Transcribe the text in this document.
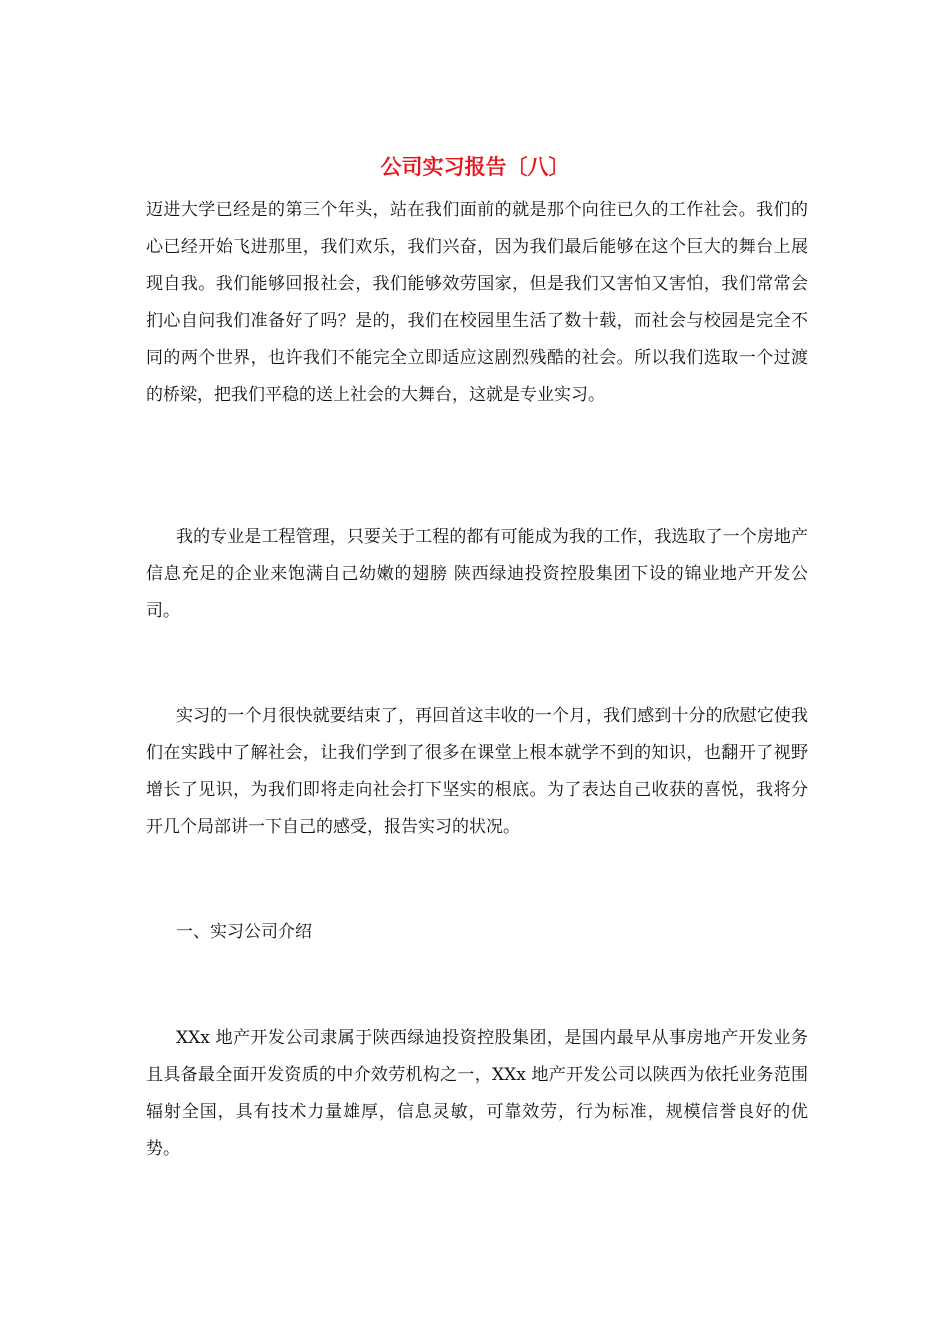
公司实习报告〔八〕

迈进大学已经是的第三个年头，站在我们面前的就是那个向往已久的工作社会。我们的心已经开始飞进那里，我们欢乐，我们兴奋，因为我们最后能够在这个巨大的舞台上展现自我。我们能够回报社会，我们能够效劳国家，但是我们又害怕又害怕，我们常常会扪心自问我们准备好了吗？是的，我们在校园里生活了数十载，而社会与校园是完全不同的两个世界，也许我们不能完全立即适应这剧烈残酷的社会。所以我们选取一个过渡的桥梁，把我们平稳的送上社会的大舞台，这就是专业实习。

我的专业是工程管理，只要关于工程的都有可能成为我的工作，我选取了一个房地产信息充足的企业来饱满自己幼嫩的翅膀 陕西绿迪投资控股集团下设的锦业地产开发公司。

实习的一个月很快就要结束了，再回首这丰收的一个月，我们感到十分的欣慰它使我们在实践中了解社会，让我们学到了很多在课堂上根本就学不到的知识，也翻开了视野增长了见识，为我们即将走向社会打下坚实的根底。为了表达自己收获的喜悦，我将分开几个局部讲一下自己的感受，报告实习的状况。

一、实习公司介绍

XXx 地产开发公司隶属于陕西绿迪投资控股集团，是国内最早从事房地产开发业务且具备最全面开发资质的中介效劳机构之一，XXx 地产开发公司以陕西为依托业务范围辐射全国，具有技术力量雄厚，信息灵敏，可靠效劳，行为标准，规模信誉良好的优势。
